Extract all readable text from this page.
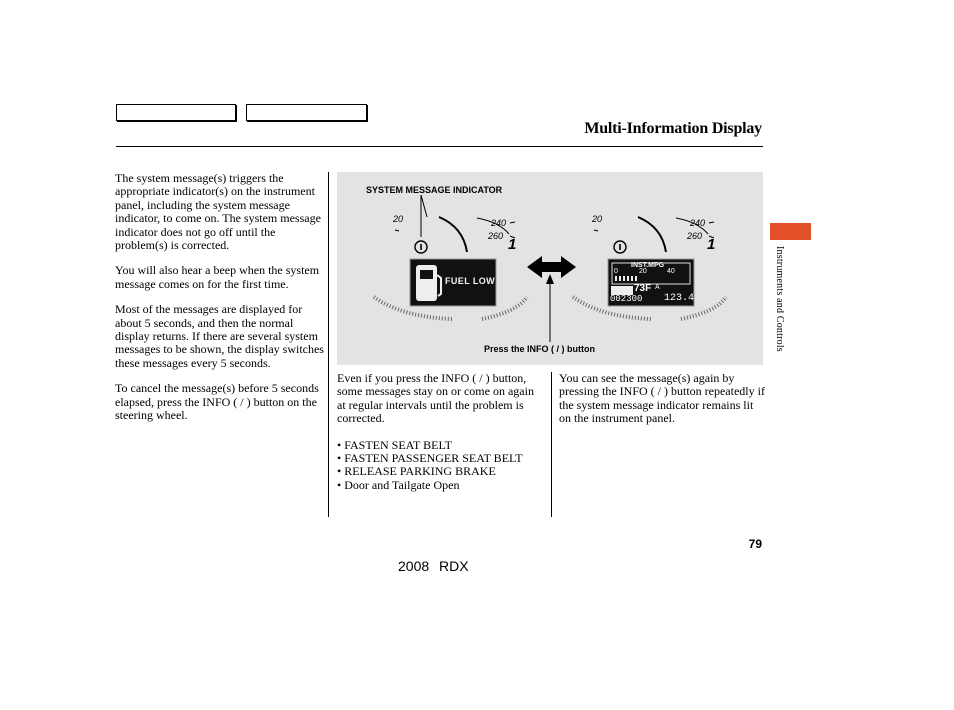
Multi-Information Display

The system message(s) triggers the appropriate indicator(s) on the instrument panel, including the system message indicator, to come on. The system message indicator does not go off until the problem(s) is corrected.

You will also hear a beep when the system message comes on for the first time.

Most of the messages are displayed for about 5 seconds, and then the normal display returns. If there are several system messages to be shown, the display switches these messages every 5 seconds.

To cancel the message(s) before 5 seconds elapsed, press the INFO ( / ) button on the steering wheel.

SYSTEM MESSAGE INDICATOR
Press the INFO ( / ) button
20	240
260 1
FUEL LOW
20	240
260 1
INST.MPG
0	20	40
73F A
002300 123.4

Even if you press the INFO ( / ) button, some messages stay on or come on again at regular intervals until the problem is corrected.

• FASTEN SEAT BELT
• FASTEN PASSENGER SEAT BELT
• RELEASE PARKING BRAKE
• Door and Tailgate Open

You can see the message(s) again by pressing the INFO ( / ) button repeatedly if the system message indicator remains lit on the instrument panel.

Instruments and Controls
79
2008 RDX
